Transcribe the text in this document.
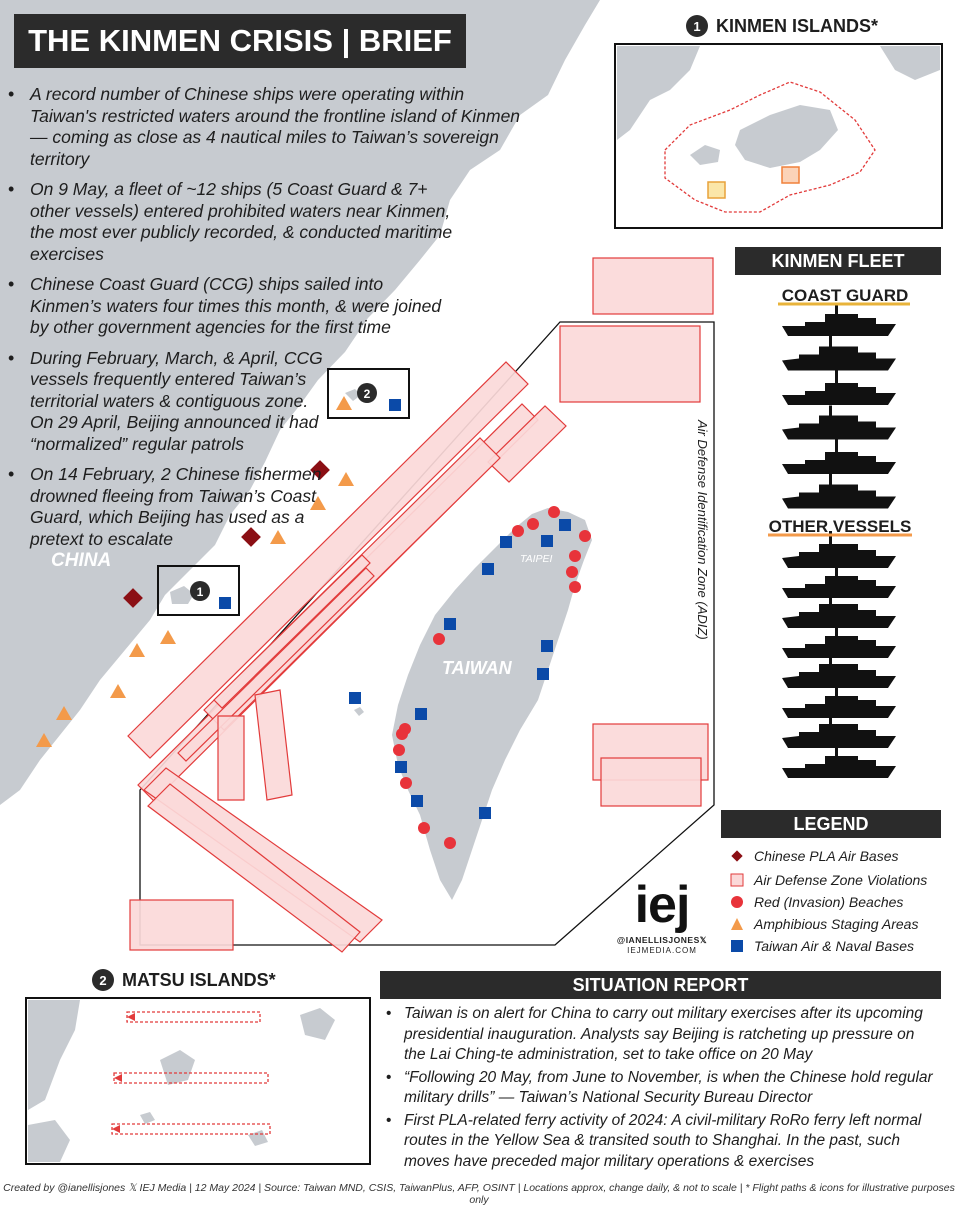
1
2
Air Defense Identification Zone (ADIZ)
THE KINMEN CRISIS | BRIEF
• A record number of Chinese ships were operating within Taiwan's restricted waters around the frontline island of Kinmen — coming as close as 4 nautical miles to Taiwan’s sovereign territory
• On 9 May, a fleet of ~12 ships (5 Coast Guard & 7+ other vessels) entered prohibited waters near Kinmen, the most ever publicly recorded, & conducted maritime exercises
• Chinese Coast Guard (CCG) ships sailed into Kinmen’s waters four times this month, & were joined by other government agencies for the first time
• During February, March, & April, CCG vessels frequently entered Taiwan’s territorial waters & contiguous zone. On 29 April, Beijing announced it had “normalized” regular patrols
• On 14 February, 2 Chinese fishermen drowned fleeing from Taiwan’s Coast Guard, which Beijing has used as a pretext to escalate
CHINA
TAIWAN
TAIPEI
1 KINMEN ISLANDS*
2 MATSU ISLANDS*
KINMEN FLEET
COAST GUARD
OTHER VESSELS
LEGEND
Chinese PLA Air Bases
Air Defense Zone Violations
Red (Invasion) Beaches
Amphibious Staging Areas
Taiwan Air & Naval Bases
iej
@IANELLISJONES𝕏
IEJMEDIA.COM
SITUATION REPORT
• Taiwan is on alert for China to carry out military exercises after its upcoming presidential inauguration. Analysts say Beijing is ratcheting up pressure on the Lai Ching-te administration, set to take office on 20 May
• “Following 20 May, from June to November, is when the Chinese hold regular military drills” — Taiwan’s National Security Bureau Director
• First PLA-related ferry activity of 2024: A civil-military RoRo ferry left normal routes in the Yellow Sea & transited south to Shanghai. In the past, such moves have preceded major military operations & exercises
Created by @ianellisjones 𝕏 IEJ Media | 12 May 2024 | Source: Taiwan MND, CSIS, TaiwanPlus, AFP, OSINT | Locations approx, change daily, & not to scale | * Flight paths & icons for illustrative purposes only
